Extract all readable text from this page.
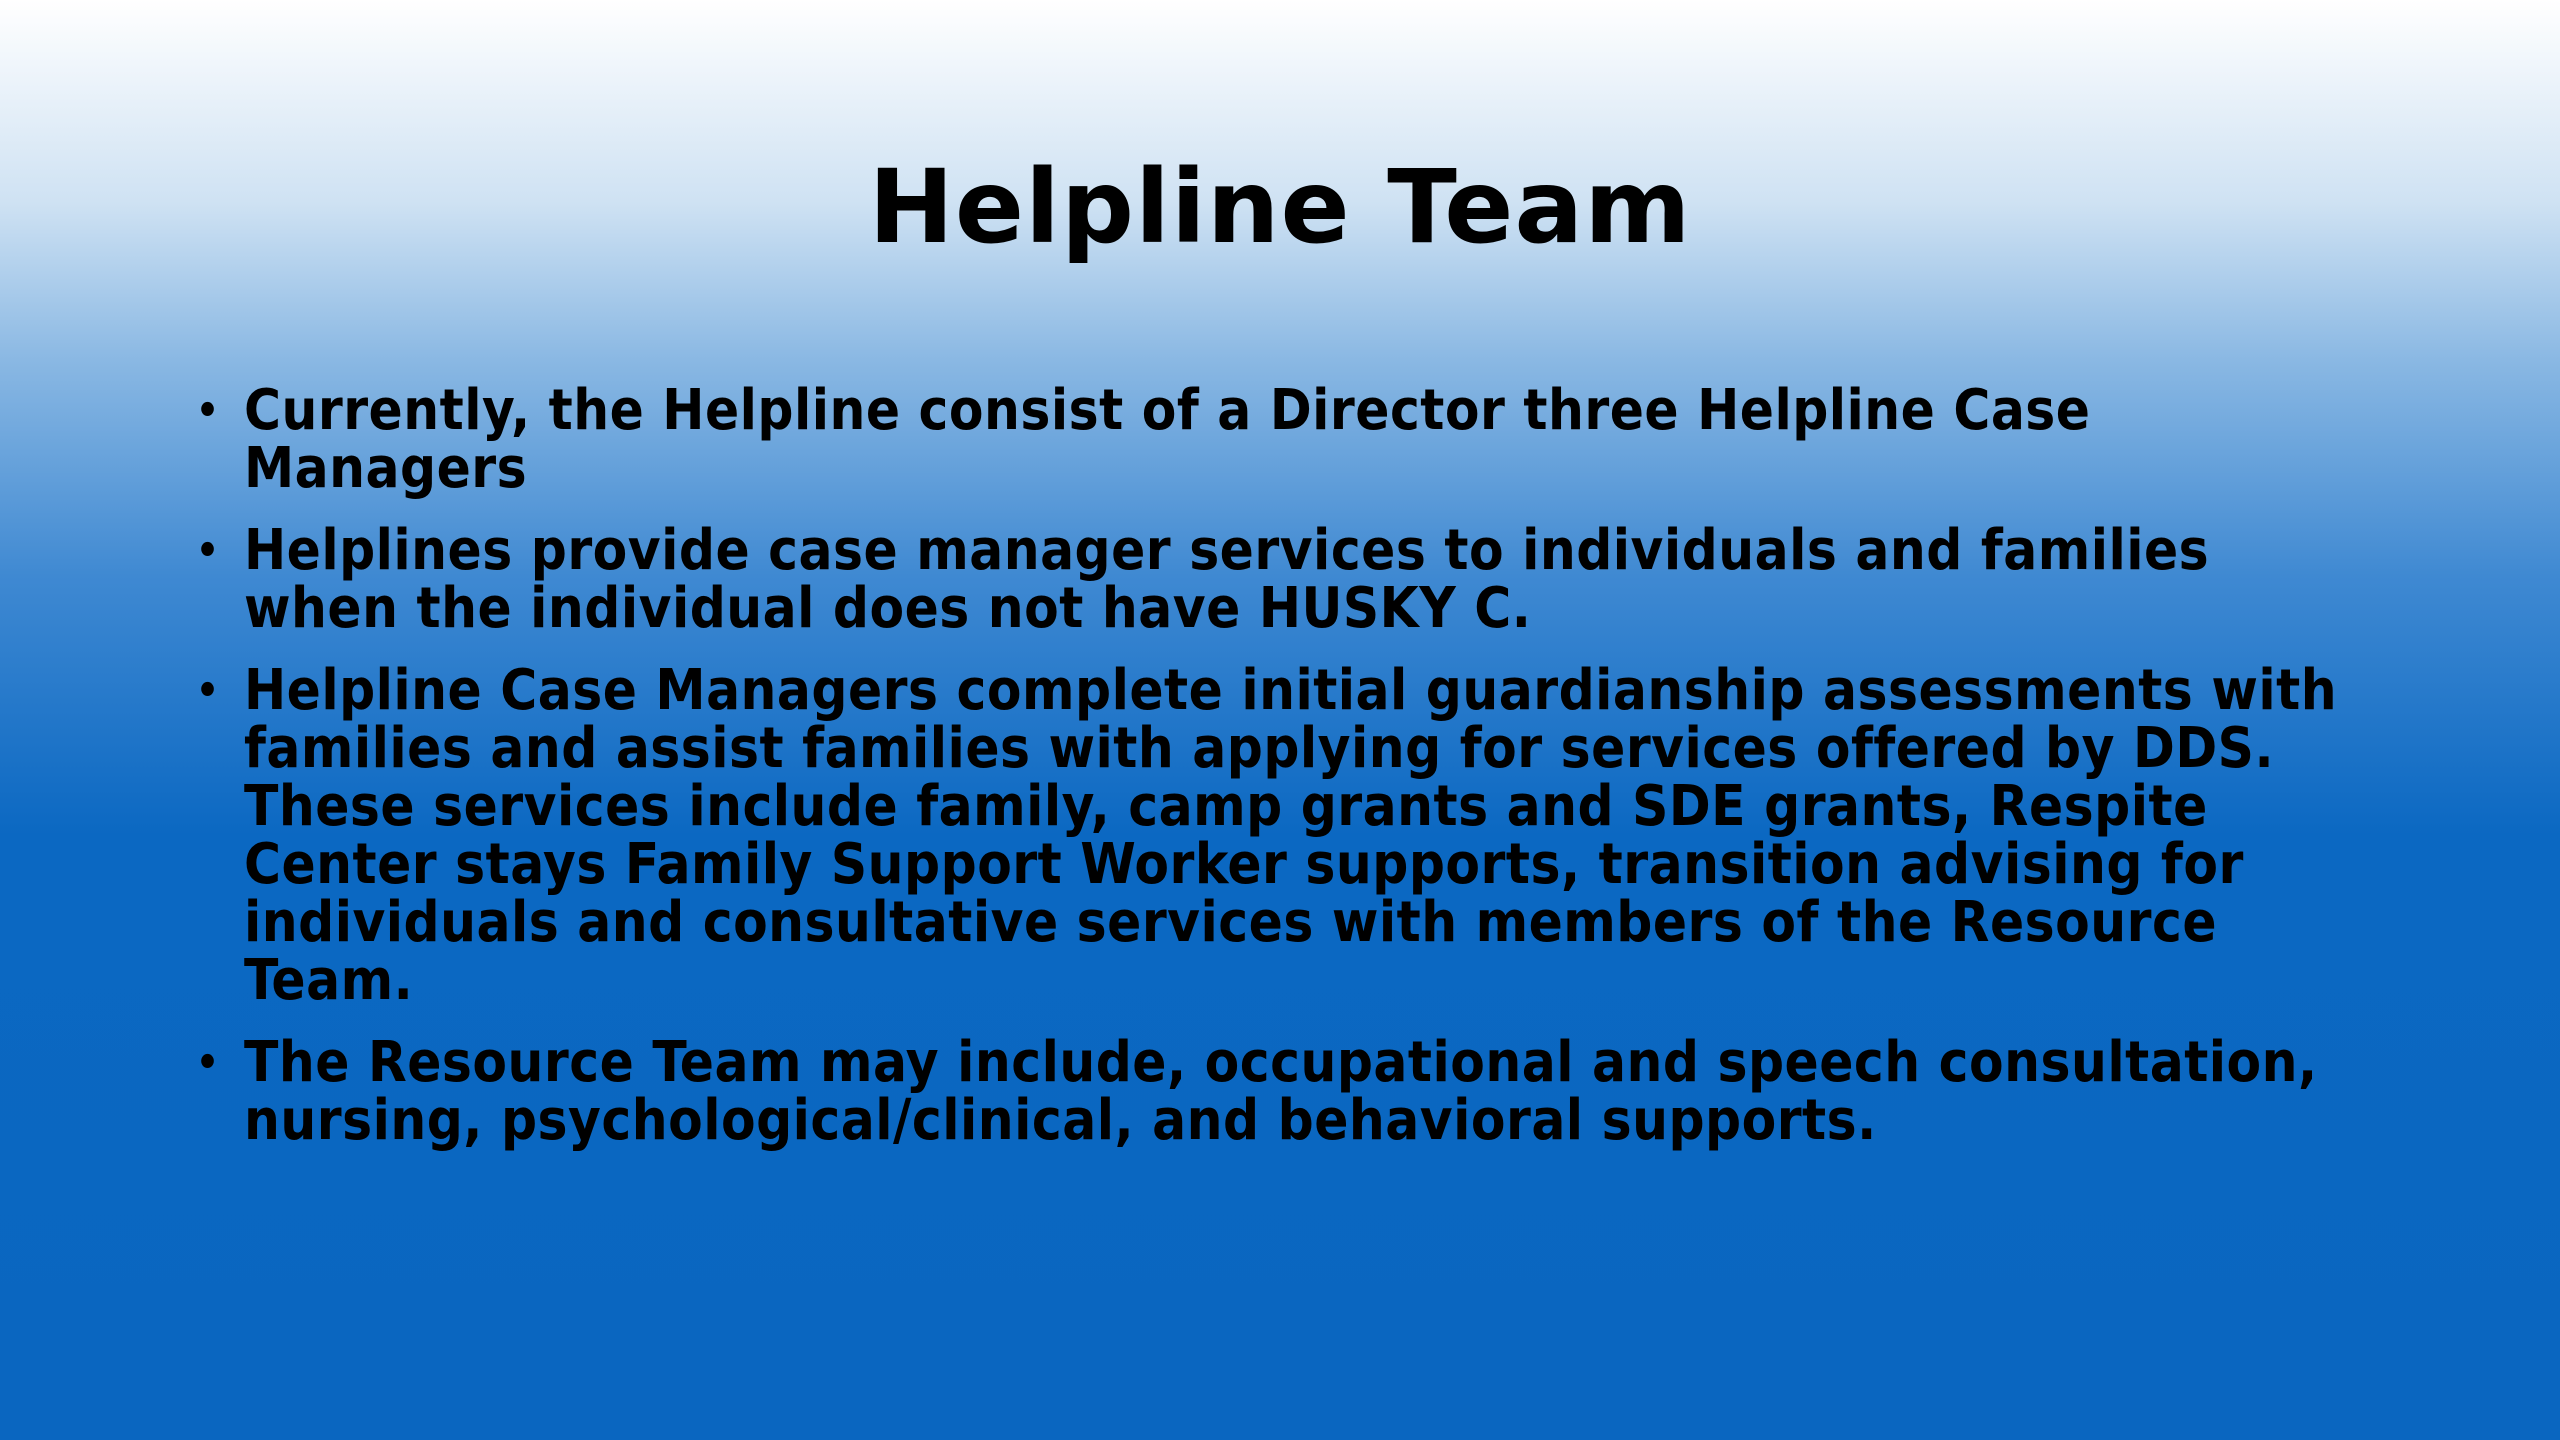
Helpline Team
• Currently, the Helpline consist of a Director three Helpline Case Managers
• Helplines provide case manager services to individuals and families when the individual does not have HUSKY C.
• Helpline Case Managers complete initial guardianship assessments with families and assist families with applying for services offered by DDS. These services include family, camp grants and SDE grants, Respite Center stays Family Support Worker supports, transition advising for individuals and consultative services with members of the Resource Team.
• The Resource Team may include, occupational and speech consultation, nursing, psychological/clinical, and behavioral supports.
